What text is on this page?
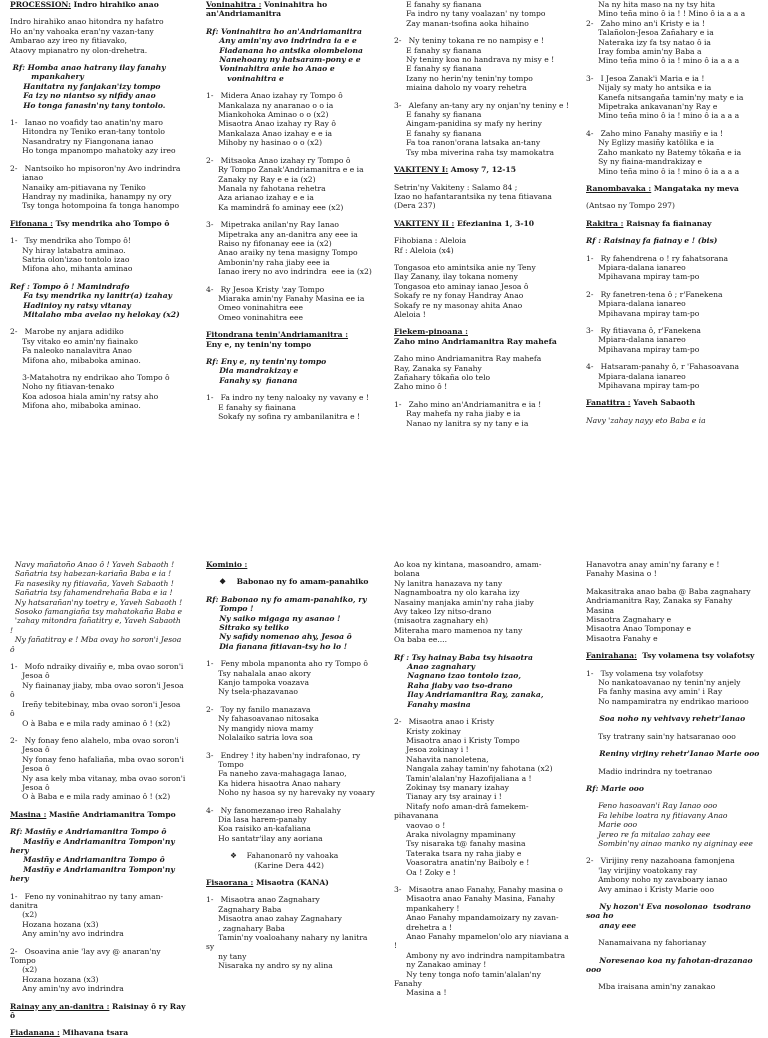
PROCESSION: Indro hirahiko anao
Indro hirahiko anao hitondra ny hafatro
Ho an'ny vahoaka eran'ny vazan-tany
Ambarao azy ireo ny fitiavako,
Ataovy mpianatro ny olon-drehetra.
Rf: Homba anao hatrany ilay fanahy
mpankahery
Hanitatra ny fanjakan'izy tompo
Fa izy no niantso sy nifidy anao
Ho tonga fanasin'ny tany tontolo.
1-   Ianao no voafidy tao anatin'ny maro
Hitondra ny Teniko eran-tany tontolo
Nasandratry ny Fiangonana ianao
Ho tonga mpanompo mahatoky azy ireo
2-   Nantsoiko ho mpisoron'ny Avo indrindra
ianao
Nanaiky am-pitiavana ny Teniko
Handray ny madinika, hanampy ny ory
Tsy tonga hotompoina fa tonga hanompo
Fifonana : Tsy mendrika aho Tompo ô
1-   Tsy mendrika aho Tompo ô!
Ny hiray latabatra aminao.
Satria olon'izao tontolo izao
Mifona aho, mihanta aminao
Ref : Tompo ô ! Mamindrafo
Fa tsy mendrika ny lanitr(a) izahay
Hadinioy ny ratsy vitanay
Mitalaho mba avelao ny helokay (x2)
2-   Marobe ny anjara adidiko
Tsy vitako eo amin'ny fiainako
Fa naleoko nanalavitra Anao
Mifona aho, mibaboka aminao.
3-Matahotra ny endrikao aho Tompo ô
Noho ny fitiavan-tenako
Koa adosoa hiala amin'ny ratsy aho
Mifona aho, mibaboka aminao.
Voninahitra : Voninahitra ho
an'Andriamanitra
Rf: Voninahitra ho an'Andriamanitra
Any amin'ny avo indrindra ia e e
Fiadanana ho antsika olombelona
Nanehoany ny hatsaram-pony e e
Voninahitra anie ho Anao e
voninahitra e
1-   Midera Anao izahay ry Tompo ô
Mankalaza ny anaranao o o ia
Miankohoka Aminao o o (x2)
Misaotra Anao izahay ry Ray ô
Mankalaza Anao izahay e e ia
Mihoby ny hasinao o o (x2)
2-   Mitsaoka Anao izahay ry Tompo ô
Ry Tompo Zanak'Andriamanitra e e ia
Zanaky ny Ray e e ia (x2)
Manala ny fahotana rehetra
Aza arianao izahay e e ia
Ka mamindrâ fo aminay eee (x2)
3-   Mipetraka anilan'ny Ray Ianao
Mipetraka any an-danitra any eee ia
Raiso ny fifonanay eee ia (x2)
Anao araiky ny tena masigny Tompo
Ambonin'ny raha jiaby eee ia
Ianao irery no avo indrindra  eee ia (x2)
4-   Ry Jesoa Kristy 'zay Tompo
Miaraka amin'ny Fanahy Masina ee ia
Omeo voninahitra eee
Omeo voninahitra eee
Fitondrana tenin'Andriamanitra :
Eny e, ny tenin'ny tompo
Rf: Eny e, ny tenin'ny tompo
Dia mandrakizay e
Fanahy sy  fianana
1-   Fa indro ny teny naloaky ny vavany e !
E fanahy sy fiainana
Sokafy ny sofina ry ambanilanitra e !
E fanahy sy fianana
Fa indro ny tany voalazan' ny tompo
Zay manan-tsofina aoka hihaino
2-   Ny teniny tokana re no nampisy e !
E fanahy sy fianana
Ny teniny koa no handrava ny misy e !
E fanahy sy fianana
Izany no herin'ny tenin'ny tompo
miaina daholo ny voary rehetra
3-   Alefany an-tany ary ny onjan'ny teniny e !
E fanahy sy fianana
Aingam-panidina sy mafy ny heriny
E fanahy sy fianana
Fa toa ranon'orana latsaka an-tany
Tsy mba miverina raha tsy mamokatra
VAKITENY I: Amosy 7, 12-15
Setrin'ny Vakiteny : Salamo 84 ;
Izao no hafantarantsika ny tena fitiavana
(Dera 237)
VAKITENY II : Efezianina 1, 3-10
Fihobiana : Aleloia
Rf : Aleloia (x4)
Tongasoa eto amintsika anie ny Teny
Ilay Zanany, ilay tokana nomeny
Tongasoa eto aminay ianao Jesoa ô
Sokafy re ny fonay Handray Anao
Sokafy re ny masonay ahita Anao
Aleloia !
Fiekem-pinoana :
Zaho mino Andriamanitra Ray mahefa
Zaho mino Andriamanitra Ray mahefa
Ray, Zanaka sy Fanahy
Zañahary tôkaña olo telo
Zaho mino ô !
1-   Zaho mino an'Andriamanitra e ia !
Ray mahefa ny raha jiaby e ia
Nanao ny lanitra sy ny tany e ia
Na ny hita maso na ny tsy hita
Mino teña mino ô ia ! ! Mino ô ia a a a
2-   Zaho mino an'i Kristy e ia !
Talañolon-Jesoa Zañahary e ia
Nateraka izy fa tsy natao ô ia
Iray fomba amin'ny Baba a
Mino teña mino ô ia ! mino ô ia a a a
3-   I Jesoa Zanak'i Maria e ia !
Nijaly sy maty ho antsika e ia
Kanefa nitsangaña tamin'ny maty e ia
Mipetraka ankavanan'ny Ray e
Mino teña mino ô ia ! mino ô ia a a a
4-   Zaho mino Fanahy masiñy e ia !
Ny Eglizy masiñy katôlika e ia
Zaho mankato ny Batemy tôkaña e ia
Sy ny fiaina-mandrakizay e
Mino teña mino ô ia ! mino ô ia a a a
Ranombavaka : Mangataka ny meva
(Antsao ny Tompo 297)
Rakitra : Raisnay fa fiainanay
Rf : Raisinay fa fiainay e ! (bis)
1-   Ry fahendrena o ! ry fahatsorana
Mpiara-dalana ianareo
Mpihavana mpiray tam-po
2-   Ry fanetren-tena ô ; r'Fanekena
Mpiara-dalana ianareo
Mpihavana mpiray tam-po
3-   Ry fitiavana ô, r'Fanekena
Mpiara-dalana ianareo
Mpihavana mpiray tam-po
4-   Hatsaram-panahy ô, r 'Fahasoavana
Mpiara-dalana ianareo
Mpihavana mpiray tam-po
Fanatitra : Yaveh Sabaoth
Navy 'zahay nayy eto Baba e ia
Navy mañatoño Anao ô ! Yaveh Sabaoth !
Sañatria tsy habezan-kariaña Baba e ia !
Fa nasesiky ny fitiavaña, Yaveh Sabaoth !
Sañatria tsy fahamendrehaña Baba e ia !
Ny hatsarañan'ny toetry e, Yaveh Sabaoth !
Sosoko famangiaña tsy mahatokaña Baba e
'zahay mitondra fañatitry e, Yaveh Sabaoth !
Ny fañatitray e ! Mba ovay ho soron'i Jesoa ô
1-   Mofo ndraiky divaiñy e, mba ovao soron'i
Jesoa ô
Ny fiainanay jiaby, mba ovao soron'i Jesoa ô
Ireñy tebitebinay, mba ovao soron'i Jesoa ô
O à Baba e e mila rady aminao ô ! (x2)
2-   Ny fonay feno alahelo, mba ovao soron'i
Jesoa ô
Ny fonay feno hafaliaña, mba ovao soron'i
Jesoa ô
Ny asa kely mba vitanay, mba ovao soron'i
Jesoa ô
O à Baba e e mila rady aminao ô ! (x2)
Masina : Masiñe Andriamanitra Tompo
Rf: Masiñy e Andriamanitra Tompo ô
Masiñy e Andriamanitra Tompon'ny hery
Masiñy e Andriamanitra Tompo ô
Masiñy e Andriamanitra Tompon'ny hery
1-   Feno ny voninahitrao ny tany aman-danitra
(x2)
Hozana hozana (x3)
Any amin'ny avo indrindra
2-   Osoavina anie 'lay avy @ anaran'ny Tompo
(x2)
Hozana hozana (x3)
Any amin'ny avo indrindra
Rainay any an-danitra : Raisinay ô ry Ray
ô
Fiadanana : Mihavana tsara
Kominio :
❖    Babonao ny fo amam-panahiko
Rf: Babonao ny fo amam-panahiko, ry
Tompo !
Ny saiko migaga ny asanao !
Sitrako sy teliko
Ny safidy nomenao ahy, Jesoa ô
Dia fianana fitiavan-tsy ho lo !
1-   Feny mbola mpanonta aho ry Tompo ô
Tsy nahalala anao akory
Kanjo tampoka voazava
Ny tsela-phazavanao
2-   Toy ny fanilo manazava
Ny fahasoavanao nitosaka
Ny mangidy niova mamy
Nolalaiko satria lova soa
3-   Endrey ! ity haben'ny indrafonao, ry
Tompo
Fa naneho zava-mahagaga Ianao,
Ka hidera hisaotra Anao nahary
Noho ny hasoa sy ny harevaky ny voaary
4-   Ny fanomezanao ireo Rahalahy
Dia lasa harem-panahy
Koa raisiko an-kafaliana
Ho santatr'ilay any aoriana
❖    Fahanonarô ny vahoaka
(Karine Dera 442)
Fisaorana : Misaotra (KANA)
1-   Misaotra anao Zagnahary
Zagnahary Baba
Misaotra anao zahay Zagnahary
, zagnahary Baba
Tamin'ny voaloahany nahary ny lanitra sy
ny tany
Nisaraka ny andro sy ny alina
Ao koa ny kintana, masoandro, amam-
bolana
Ny lanitra hanazava ny tany
Nagnamboatra ny olo karaha izy
Nasainy manjaka amin'ny raha jiaby
Avy takeo Izy nitso-drano
(misaotra zagnahary eh)
Miteraha maro mamenoa ny tany
Oa baba ee....
Rf : Tsy hainay Baba tsy hisaotra
Anao zagnahary
Nagnano izao tontolo izao,
Raha jiaby vao tso-drano
Ilay Andriamanitra Ray, zanaka,
Fanahy masina
2-   Misaotra anao i Kristy
Kristy zokinay
Misaotra anao i Kristy Tompo
Jesoa zokinay i !
Nahavita nanoletena,
Nangala zahay tamin'ny fahotana (x2)
Tamin'alalan'ny Hazofijaliana a !
Zokinay tsy manary izahay
Tianay ary tsy arainay i !
Nitafy nofo aman-drâ famekem-pihavanana
vaovao o !
Araka nivolagny mpaminany
Tsy nisaraka t@ fanahy masina
Tateraka tsara ny raha jiaby e
Voasoratra anatin'ny Baiboly e !
Oa ! Zoky e !
3-   Misaotra anao Fanahy, Fanahy masina o
Misaotra anao Fanahy Masina, Fanahy
mpankahery !
Anao Fanahy mpandamoizary ny zavan-
drehetra a !
Anao Fanahy mpamelon'olo ary niaviana a !
Ambony ny avo indrindra nampitambatra
ny Zanakao aminay !
Ny teny tonga nofo tamin'alalan'ny Fanahy
Masina a !
Hanavotra anay amin'ny farany e !
Fanahy Masina o !
Makasitraka anao baba @ Baba zagnahary
Andriamanitra Ray, Zanaka sy Fanahy
Masina
Misaotra Zagnahary e
Misaotra Anao Tomponay e
Misaotra Fanahy e
Fanirahana:  Tsy volamena tsy volafotsy
1-   Tsy volamena tsy volafotsy
No nankatoavanao ny tenin'ny anjely
Fa fanhy masina avy amin' i Ray
No nampamiratra ny endrikao mariooo
Soa noho ny vehivavy rehetr'Ianao
Tsy tratrany sain'ny hatsaranao ooo
Reniny virjiny rehetr'Ianao Marie ooo
Madio indrindra ny toetranao
Rf: Marie ooo
Feno hasoavan'i Ray Ianao ooo
Fa lehibe loatra ny fitiavany Anao
Marie ooo
Jereo re fa mitalao zahay eee
Sombin'ny ainao manko ny aigninay eee
2-   Virijiny reny nazahoana famonjena
'lay virijiny voatokany ray
Ambony noho ny zavaboary ianao
Avy aminao i Kristy Marie ooo
Ny hozon'i Eva nosolonao  tsodrano soa ho
anay eee
Nanamaivana ny fahorianay
Noresenao koa ny fahotan-drazanao ooo
Mba iraisana amin'ny zanakao
